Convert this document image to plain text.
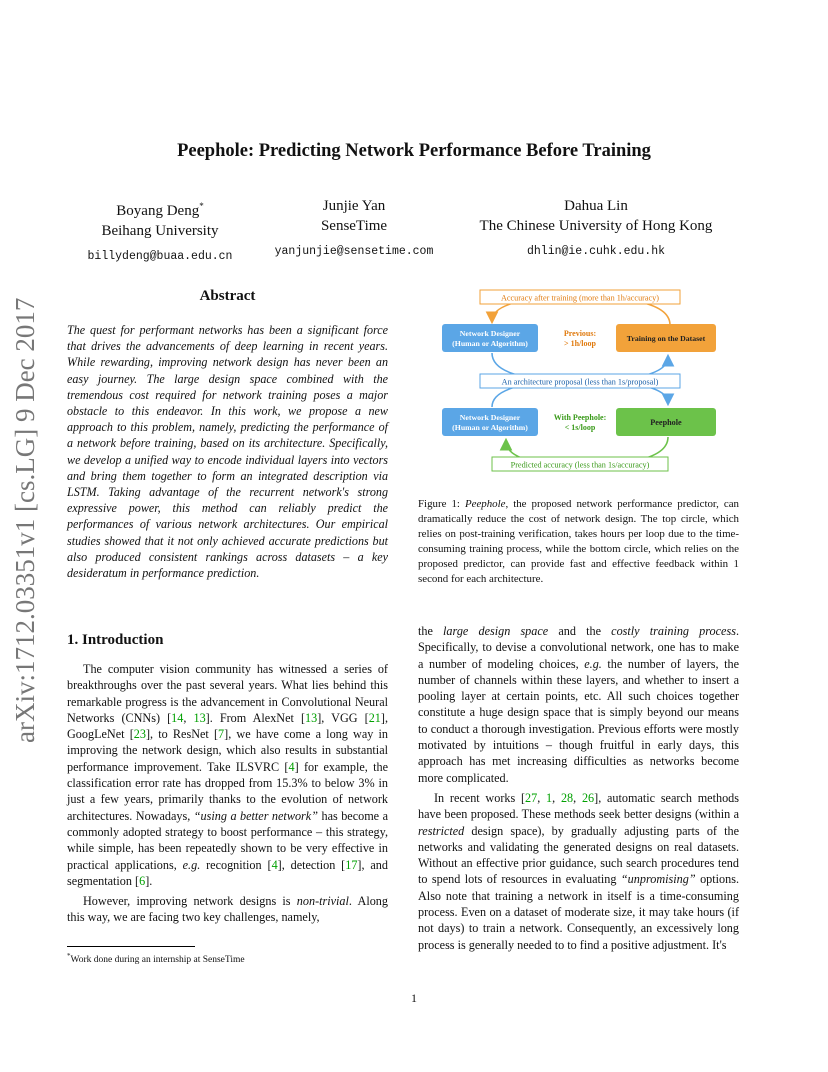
arXiv:1712.03351v1 [cs.LG] 9 Dec 2017
Peephole: Predicting Network Performance Before Training
Boyang Deng*
Beihang University
billydeng@buaa.edu.cn
Junjie Yan
SenseTime
yanjunjie@sensetime.com
Dahua Lin
The Chinese University of Hong Kong
dhlin@ie.cuhk.edu.hk
Abstract
The quest for performant networks has been a significant force that drives the advancements of deep learning in recent years. While rewarding, improving network design has never been an easy journey. The large design space combined with the tremendous cost required for network training poses a major obstacle to this endeavor. In this work, we propose a new approach to this problem, namely, predicting the performance of a network before training, based on its architecture. Specifically, we develop a unified way to encode individual layers into vectors and bring them together to form an integrated description via LSTM. Taking advantage of the recurrent network's strong expressive power, this method can reliably predict the performances of various network architectures. Our empirical studies showed that it not only achieved accurate predictions but also produced consistent rankings across datasets – a key desideratum in performance prediction.
Accuracy after training (more than 1h/accuracy)
Network Designer
(Human or Algorithm)
Previous:
> 1h/loop
Training on the Dataset
An architecture proposal (less than 1s/proposal)
Network Designer
(Human or Algorithm)
With Peephole:
< 1s/loop
Peephole
Predicted accuracy (less than 1s/accuracy)
Figure 1: Peephole, the proposed network performance predictor, can dramatically reduce the cost of network design. The top circle, which relies on post-training verification, takes hours per loop due to the time-consuming training process, while the bottom circle, which relies on the proposed predictor, can provide fast and effective feedback within 1 second for each architecture.
1. Introduction

The computer vision community has witnessed a series of breakthroughs over the past several years. What lies behind this remarkable progress is the advancement in Convolutional Neural Networks (CNNs) [14, 13]. From AlexNet [13], VGG [21], GoogLeNet [23], to ResNet [7], we have come a long way in improving the network design, which also results in substantial performance improvement. Take ILSVRC [4] for example, the classification error rate has dropped from 15.3% to below 3% in just a few years, primarily thanks to the evolution of network architectures. Nowadays, “using a better network” has become a commonly adopted strategy to boost performance – this strategy, while simple, has been repeatedly shown to be very effective in practical applications, e.g. recognition [4], detection [17], and segmentation [6].

However, improving network designs is non-trivial. Along this way, we are facing two key challenges, namely,

the large design space and the costly training process. Specifically, to devise a convolutional network, one has to make a number of modeling choices, e.g. the number of layers, the number of channels within these layers, and whether to insert a pooling layer at certain points, etc. All such choices together constitute a huge design space that is simply beyond our means to conduct a thorough investigation. Previous efforts were mostly motivated by intuitions – though fruitful in early days, this approach has met increasing difficulties as networks become more complicated.

In recent works [27, 1, 28, 26], automatic search methods have been proposed. These methods seek better designs (within a restricted design space), by gradually adjusting parts of the networks and validating the generated designs on real datasets. Without an effective prior guidance, such search procedures tend to spend lots of resources in evaluating “unpromising” options. Also note that training a network in itself is a time-consuming process. Even on a dataset of moderate size, it may take hours (if not days) to train a network. Consequently, an excessively long process is generally needed to to find a positive adjustment. It's

*Work done during an internship at SenseTime
1
